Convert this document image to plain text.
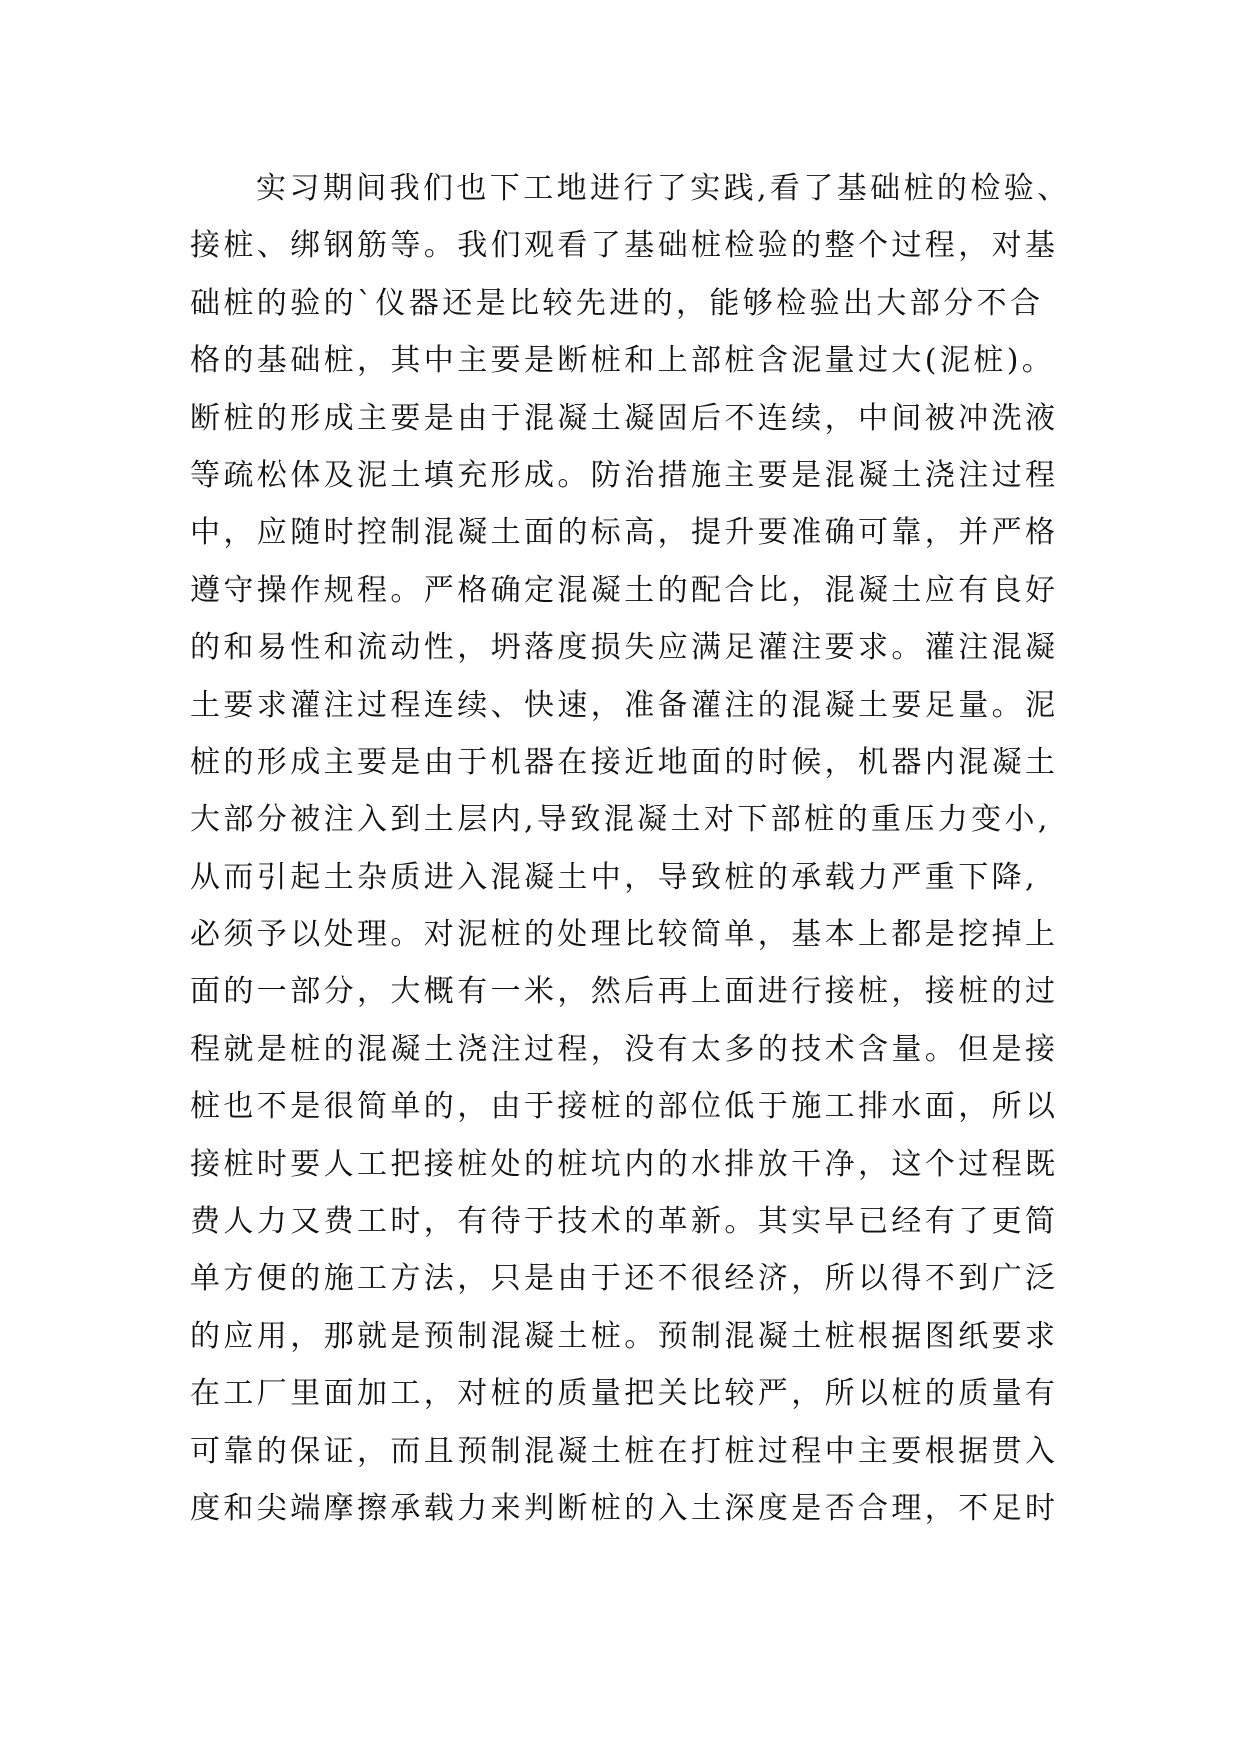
实习期间我们也下工地进行了实践,看了基础桩的检验、
接桩、绑钢筋等。我们观看了基础桩检验的整个过程，对基
础桩的验的`仪器还是比较先进的，能够检验出大部分不合
格的基础桩，其中主要是断桩和上部桩含泥量过大(泥桩)。
断桩的形成主要是由于混凝土凝固后不连续，中间被冲洗液
等疏松体及泥土填充形成。防治措施主要是混凝土浇注过程
中，应随时控制混凝土面的标高，提升要准确可靠，并严格
遵守操作规程。严格确定混凝土的配合比，混凝土应有良好
的和易性和流动性，坍落度损失应满足灌注要求。灌注混凝
土要求灌注过程连续、快速，准备灌注的混凝土要足量。泥
桩的形成主要是由于机器在接近地面的时候，机器内混凝土
大部分被注入到土层内,导致混凝土对下部桩的重压力变小,
从而引起土杂质进入混凝土中，导致桩的承载力严重下降,
必须予以处理。对泥桩的处理比较简单，基本上都是挖掉上
面的一部分，大概有一米，然后再上面进行接桩，接桩的过
程就是桩的混凝土浇注过程，没有太多的技术含量。但是接
桩也不是很简单的，由于接桩的部位低于施工排水面，所以
接桩时要人工把接桩处的桩坑内的水排放干净，这个过程既
费人力又费工时，有待于技术的革新。其实早已经有了更简
单方便的施工方法，只是由于还不很经济，所以得不到广泛
的应用，那就是预制混凝土桩。预制混凝土桩根据图纸要求
在工厂里面加工，对桩的质量把关比较严，所以桩的质量有
可靠的保证，而且预制混凝土桩在打桩过程中主要根据贯入
度和尖端摩擦承载力来判断桩的入土深度是否合理，不足时
